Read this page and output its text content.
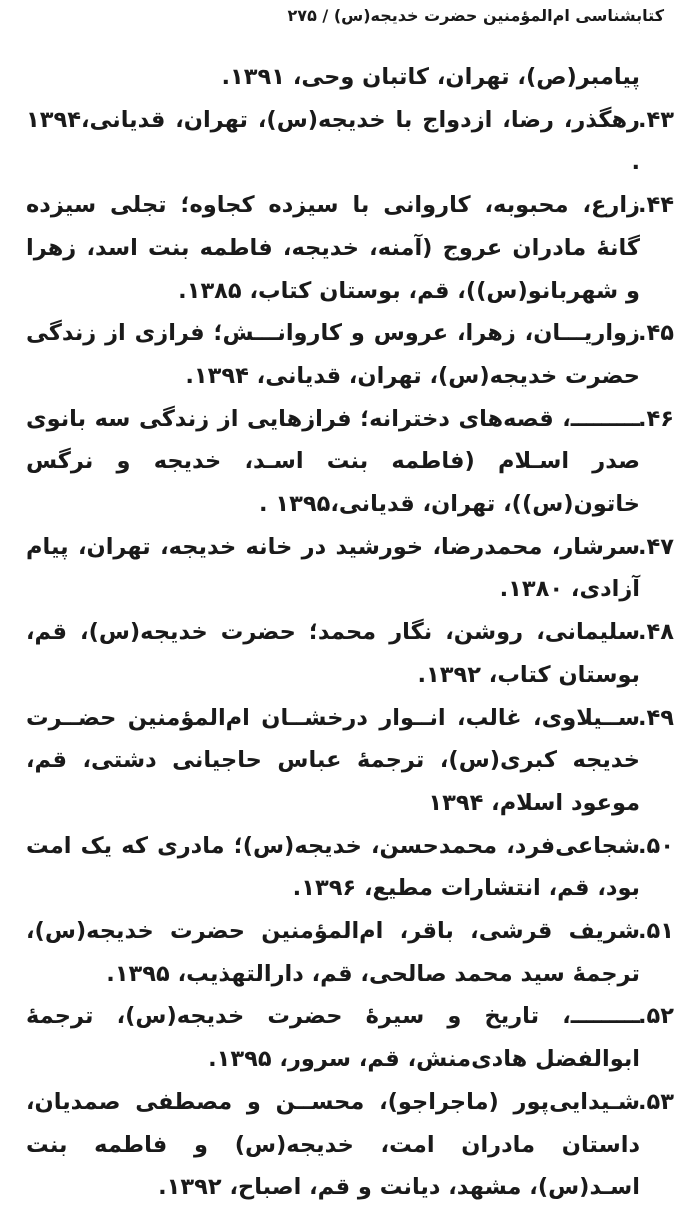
کتابشناسی ام‌المؤمنین حضرت خدیجه(س) / ۲۷۵

پیامبر(ص)، تهران، کاتبان وحی، ۱۳۹۱.

۴۳.
رهگذر، رضا، ازدواج با خدیجه(س)، تهران، قدیانی،۱۳۹۴ .

۴۴.
زارع، محبوبه، کاروانی با سیزده کجاوه؛ تجلی سیزده گانهٔ مادران عروج (آمنه، خدیجه، فاطمه بنت اسد، زهرا و شهربانو(س))، قم، بوستان کتاب، ۱۳۸۵.

۴۵.
زواریـــان، زهرا، عروس و کاروانـــش؛ فرازی از زندگی حضرت خدیجه(س)، تهران، قدیانی، ۱۳۹۴.

۴۶.
ـــــــــ، قصه‌های دخترانه؛ فرازهایی از زندگی سه بانوی صدر اسـلام (فاطمه بنت اسـد، خدیجه و نرگس خاتون(س))، تهران، قدیانی،۱۳۹۵ .

۴۷.
سرشار، محمدرضا، خورشید در خانه خدیجه، تهران، پیام آزادی، ۱۳۸۰.

۴۸.
سلیمانی، روشن، نگار محمد؛ حضرت خدیجه(س)، قم، بوستان کتاب، ۱۳۹۲.

۴۹.
ســیلاوی، غالب، انــوار درخشــان ام‌المؤمنین حضــرت خدیجه کبری(س)، ترجمهٔ عباس حاجیانی دشتی، قم، موعود اسلام، ۱۳۹۴

۵۰.
شجاعی‌فرد، محمدحسن، خدیجه(س)؛ مادری که یک امت بود، قم، انتشارات مطیع، ۱۳۹۶.

۵۱.
شریف قرشی، باقر، ام‌المؤمنین حضرت خدیجه(س)، ترجمهٔ سید محمد صالحی، قم، دارالتهذیب، ۱۳۹۵.

۵۲.
ـــــــــ، تاریخ و سیرهٔ حضرت خدیجه(س)، ترجمهٔ ابوالفضل هادی‌منش، قم، سرور، ۱۳۹۵.

۵۳.
شـیدایی‌پور (ماجراجو)، محســن و مصطفی صمدیان، داستان مادران امت، خدیجه(س) و فاطمه بنت اسـد(س)، مشهد، دیانت و قم، اصباح، ۱۳۹۲.
